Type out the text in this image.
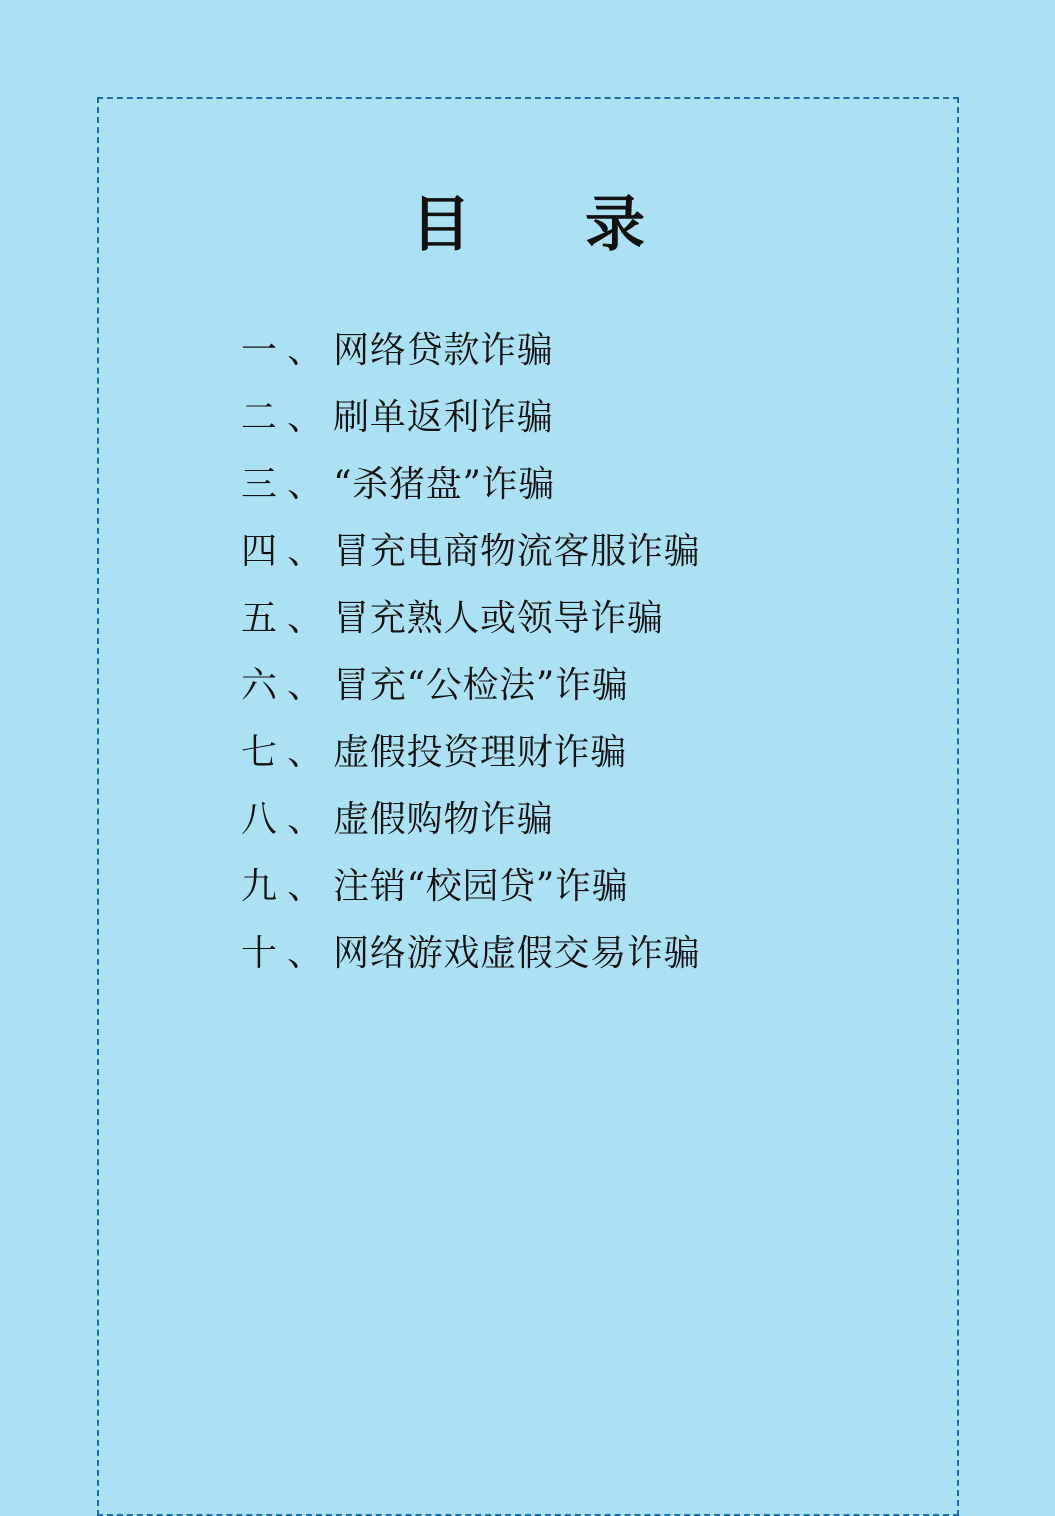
目　录
一、网络贷款诈骗
二、刷单返利诈骗
三、“杀猪盘”诈骗
四、冒充电商物流客服诈骗
五、冒充熟人或领导诈骗
六、冒充“公检法”诈骗
七、虚假投资理财诈骗
八、虚假购物诈骗
九、注销“校园贷”诈骗
十、网络游戏虚假交易诈骗
